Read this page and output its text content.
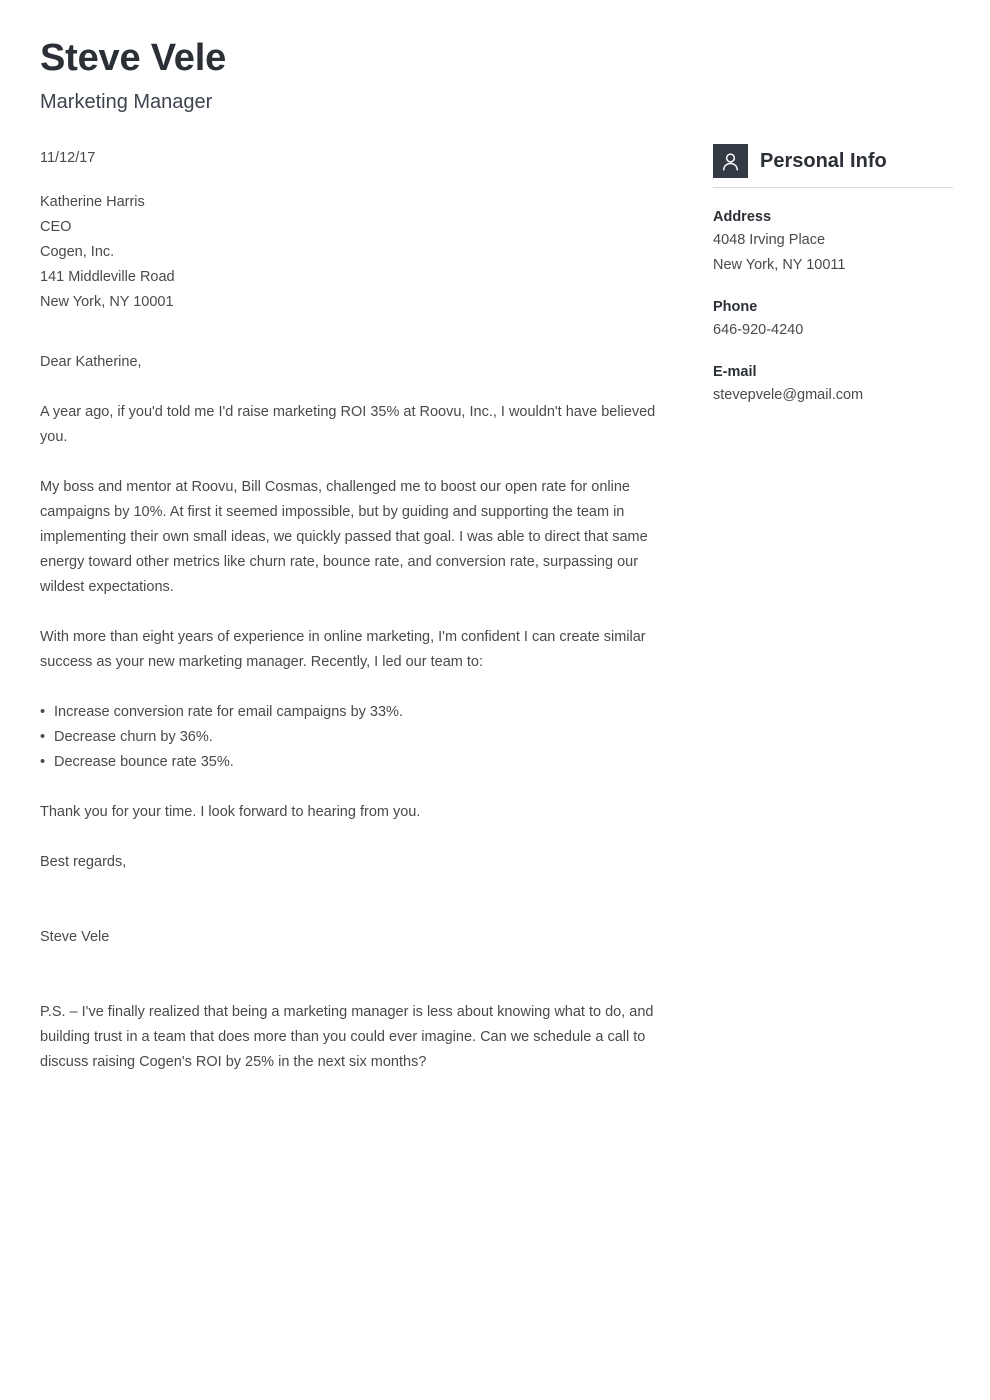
Steve Vele
Marketing Manager
11/12/17
Katherine Harris
CEO
Cogen, Inc.
141 Middleville Road
New York, NY 10001

Dear Katherine,

A year ago, if you'd told me I'd raise marketing ROI 35% at Roovu, Inc., I wouldn't have believed you.

My boss and mentor at Roovu, Bill Cosmas, challenged me to boost our open rate for online campaigns by 10%. At first it seemed impossible, but by guiding and supporting the team in implementing their own small ideas, we quickly passed that goal. I was able to direct that same energy toward other metrics like churn rate, bounce rate, and conversion rate, surpassing our wildest expectations.

With more than eight years of experience in online marketing, I'm confident I can create similar success as your new marketing manager. Recently, I led our team to:

• Increase conversion rate for email campaigns by 33%.
• Decrease churn by 36%.
• Decrease bounce rate 35%.

Thank you for your time. I look forward to hearing from you.

Best regards,

Steve Vele

P.S. – I've finally realized that being a marketing manager is less about knowing what to do, and building trust in a team that does more than you could ever imagine. Can we schedule a call to discuss raising Cogen's ROI by 25% in the next six months?

Personal Info
Address
4048 Irving Place
New York, NY 10011
Phone
646-920-4240
E-mail
stevepvele@gmail.com
